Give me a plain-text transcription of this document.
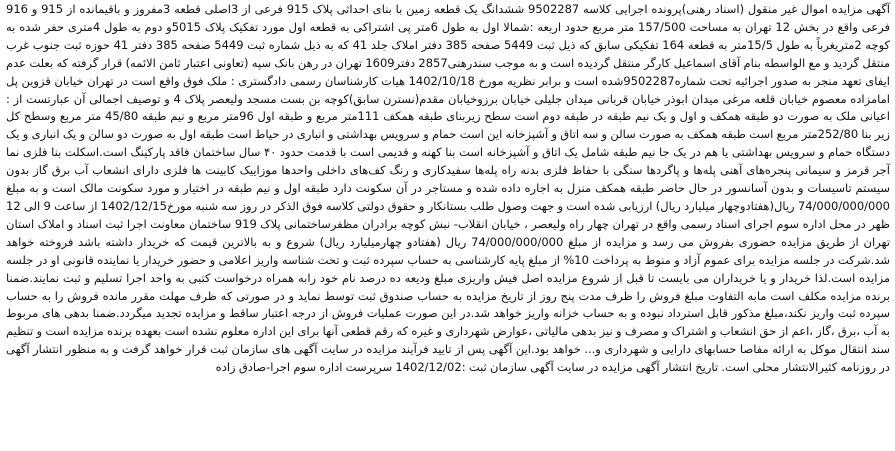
آگهی مزایده اموال غیر منقول (اسناد رهنی)پرونده اجرایی کلاسه 9502287 ششدانگ یک قطعه زمین با بنای احداثی پلاک 915 فرعی از 3اصلی قطعه 3مفروز و باقیمانده از 915 و 916 فرعی واقع در بخش 12 تهران به مساحت 157/500 متر مربع حدود اربعه :شمالا اول به طول 6متر پی اشتراکی به قطعه اول مورد تفکیک پلاک 5015و دوم به طول 4متری حفر شده به کوچه 2متریغرباً به طول 15/5متر به قطعه 164 تفکیکی سابق که ذیل ثبت 5449 صفحه 385 دفتر املاک جلد 41 که به ذیل شماره ثبت 5449 صفحه 385 دفتر 41 حوزه ثبت جنوب غرب منتقل گردید و مع الواسطه بنام آقای اسماعیل کارگر منتقل گردیده است و به موجب سندرهنی2857 دفتر1609 تهران در رهن بانک سپه (تعاونی اعتبار ثامن الائمه) قرار گرفته که بعلت عدم ایفای تعهد منجر به صدور اجرائیه تحت شماره9502287شده است و برابر نظریه مورخ 1402/10/18 هیات کارشناسان رسمی دادگستری : ملک فوق واقع است در تهران خیابان قزوین پل امامزاده معصوم خیابان قلعه مرغی میدان ابوذر خیابان قربانی میدان جلیلی خیابان برزوخیابان مقدم(نسترن سابق)کوچه بن بست مسجد ولیعصر پلاک 4 و توصیف اجمالی آن عبارتست از : اعیانی ملک به صورت دو طبقه همکف و اول و یک نیم طبقه در طبقه دوم است سطح زیربنای طبقه همکف 111متر مربع و طبقه اول 96متر مربع و نیم طبقه 45/80 متر مربع وسطح کل زیر بنا 252/80متر مربع است طبقه همکف به صورت سالن و سه اتاق و آشپزخانه این است حمام و سرویس بهداشتی و انباری در حیاط است طبقه اول به صورت دو سالن و یک انباری و یک دستگاه حمام و سرویس بهداشتی یا هم در یک جا نیم طبقه شامل یک اتاق و آشپزخانه است بنا کهنه و قدیمی است با قدمت حدود ۴۰ سال ساختمان فاقد پارکینگ است.اسکلت بنا فلزی نما آجر قرمز و سیمانی پنجره‌های آهنی پله‌ها و پاگردها سنگی با حفاظ فلزی بدنه راه پله‌ها سفیدکاری و رنگ کف‌های داخلی واحدها موزاییک کابینت ها فلزی دارای انشعاب آب برق گاز بدون سیستم تاسیسات و بدون آسانسور در حال حاضر طبقه همکف منزل به اجاره داده شده و مستاجر در آن سکونت دارد طبقه اول و نیم طبقه در اختیار و مورد سکونت مالک است و به مبلغ 74/000/000/000 ریال(هفتادوچهار میلیارد ریال) ارزیابی شده است و جهت وصول طلب بستانکار و حقوق دولتی کلاسه فوق الذکر در روز سه شنبه مورخ1402/12/15 از ساعت 9 الی 12 ظهر در محل اداره سوم اجرای اسناد رسمی واقع در تهران چهار راه ولیعصر ، خیابان انقلاب- نبش کوچه برادران مظفرساختمانی پلاک 919 ساختمان معاونت اجرا ثبت اسناد و املاک استان تهران از طریق مزایده حضوری بفروش می رسد و مزایده از مبلغ 74/000/000/000 ریال (هفتادو چهارمیلیارد ریال) شروع و به بالاترین قیمت که خریدار داشته باشد فروخته خواهد شد.شرکت در جلسه مزایده برای عموم آزاد و منوط به پرداخت 10% از مبلغ پایه کارشناسی به حساب سپرده ثبت و تحت شناسه واریز اعلامی و حضور خریدار یا نماینده قانونی او در جلسه مزایده است.لذا خریدار و یا خریداران می بایست تا قبل از شروع مزایده اصل فیش واریزی مبلغ ودیعه ده درصد نام خود رابه همراه درخواست کتبی به واحد اجرا تسلیم و ثبت نمایند.ضمنا برنده مزایده مکلف است مابه التفاوت مبلغ فروش را ظرف مدت پنج روز از تاریخ مزایده به حساب صندوق ثبت توسط نماید و در صورتی که ظرف مهلت مقرر مانده فروش را به حساب سپرده ثبت واریز نکند،مبلغ مذکور قابل استرداد نبوده و به حساب خزانه واریز خواهد شد.در این صورت عملیات فروش از درجه اعتبار ساقط و مزایده تجدید میگردد.ضمنا بدهی های مربوط به آب ،برق ،گاز ،اعم از حق انشعاب و اشتراک و مصرف و نیز بدهی مالیاتی ،عوارض شهرداری و غیره که رقم قطعی آنها برای این اداره معلوم نشده است بعهده برنده مزایده است و تنظیم سند انتقال موکل به ارائه مفاصا حسابهای دارایی و شهرداری و... خواهد بود.این آگهی پس از تایید فرآیند مزایده در سایت آگهی های سازمان ثبت قرار خواهد گرفت و به منظور انتشار آگهی در روزنامه کثیرالانتشار محلی است. تاریخ انتشار آگهی مزایده در سایت آگهی سازمان ثبت :1402/12/02 سرپرست اداره سوم اجرا-صادق زاده
